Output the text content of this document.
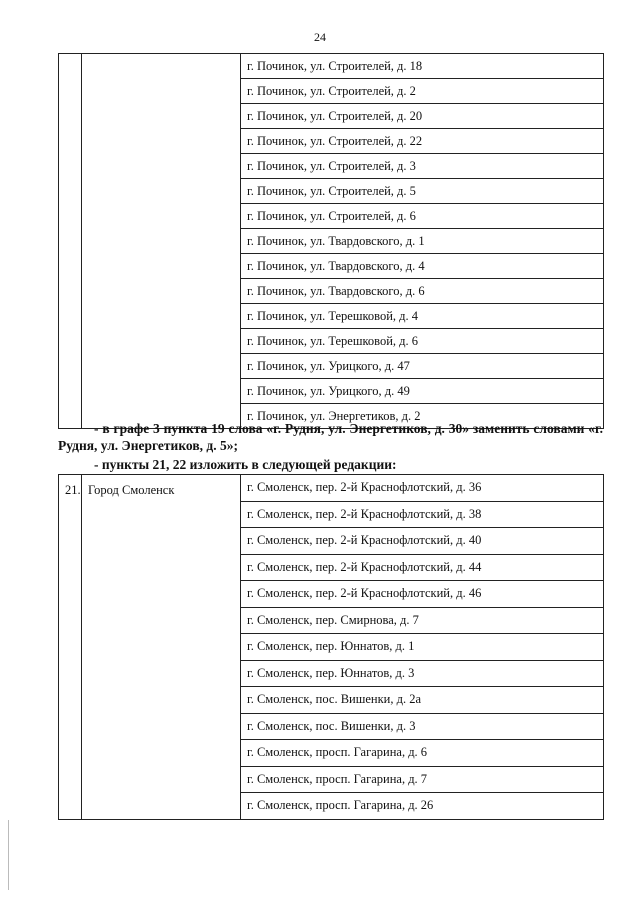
24
		г. Починок, ул. Строителей, д. 18
г. Починок, ул. Строителей, д. 2
г. Починок, ул. Строителей, д. 20
г. Починок, ул. Строителей, д. 22
г. Починок, ул. Строителей, д. 3
г. Починок, ул. Строителей, д. 5
г. Починок, ул. Строителей, д. 6
г. Починок, ул. Твардовского, д. 1
г. Починок, ул. Твардовского, д. 4
г. Починок, ул. Твардовского, д. 6
г. Починок, ул. Терешковой, д. 4
г. Починок, ул. Терешковой, д. 6
г. Починок, ул. Урицкого, д. 47
г. Починок, ул. Урицкого, д. 49
г. Починок, ул. Энергетиков, д. 2

- в графе 3 пункта 19 слова «г. Рудня, ул. Энергетиков, д. 30» заменить словами «г. Рудня, ул. Энергетиков, д. 5»;

- пункты 21, 22 изложить в следующей редакции:

21.	Город Смоленск	г. Смоленск, пер. 2-й Краснофлотский, д. 36
г. Смоленск, пер. 2-й Краснофлотский, д. 38
г. Смоленск, пер. 2-й Краснофлотский, д. 40
г. Смоленск, пер. 2-й Краснофлотский, д. 44
г. Смоленск, пер. 2-й Краснофлотский, д. 46
г. Смоленск, пер. Смирнова, д. 7
г. Смоленск, пер. Юннатов, д. 1
г. Смоленск, пер. Юннатов, д. 3
г. Смоленск, пос. Вишенки, д. 2а
г. Смоленск, пос. Вишенки, д. 3
г. Смоленск, просп. Гагарина, д. 6
г. Смоленск, просп. Гагарина, д. 7
г. Смоленск, просп. Гагарина, д. 26
